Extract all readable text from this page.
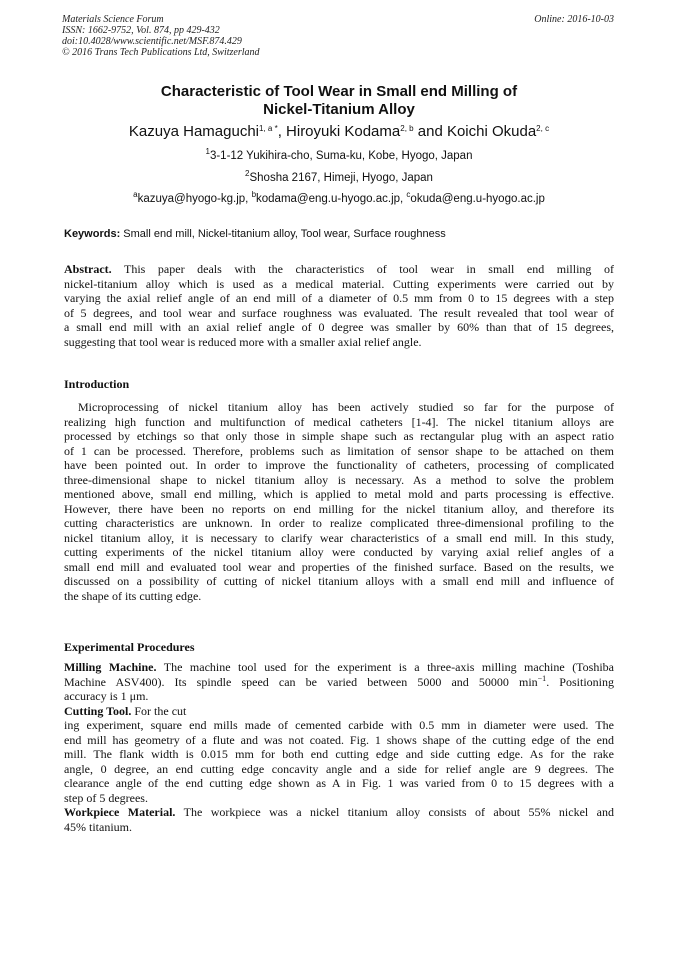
Materials Science Forum
ISSN: 1662-9752, Vol. 874, pp 429-432
doi:10.4028/www.scientific.net/MSF.874.429
© 2016 Trans Tech Publications Ltd, Switzerland
Online: 2016-10-03
Characteristic of Tool Wear in Small end Milling of
Nickel-Titanium Alloy
Kazuya Hamaguchi$^{1, a *}$, Hiroyuki Kodama$^{2, b}$ and Koichi Okuda$^{2, c}$
$^1$3-1-12 Yukihira-cho, Suma-ku, Kobe, Hyogo, Japan
$^2$Shosha 2167, Himeji, Hyogo, Japan
$^a$kazuya@hyogo-kg.jp, $^b$kodama@eng.u-hyogo.ac.jp, $^c$okuda@eng.u-hyogo.ac.jp
Keywords: Small end mill, Nickel-titanium alloy, Tool wear, Surface roughness
Abstract. This paper deals with the characteristics of tool wear in small end milling of
nickel-titanium alloy which is used as a medical material. Cutting experiments were carried out by
varying the axial relief angle of an end mill of a diameter of 0.5 mm from 0 to 15 degrees with a step
of 5 degrees, and tool wear and surface roughness was evaluated. The result revealed that tool wear of
a small end mill with an axial relief angle of 0 degree was smaller by 60% than that of 15 degrees,
suggesting that tool wear is reduced more with a smaller axial relief angle.
Introduction
Microprocessing of nickel titanium alloy has been actively studied so far for the purpose of
realizing high function and multifunction of medical catheters [1-4]. The nickel titanium alloys are
processed by etchings so that only those in simple shape such as rectangular plug with an aspect ratio
of 1 can be processed. Therefore, problems such as limitation of sensor shape to be attached on them
have been pointed out. In order to improve the functionality of catheters, processing of complicated
three-dimensional shape to nickel titanium alloy is necessary. As a method to solve the problem
mentioned above, small end milling, which is applied to metal mold and parts processing is effective.
However, there have been no reports on end milling for the nickel titanium alloy, and therefore its
cutting characteristics are unknown. In order to realize complicated three-dimensional profiling to the
nickel titanium alloy, it is necessary to clarify wear characteristics of a small end mill. In this study,
cutting experiments of the nickel titanium alloy were conducted by varying axial relief angles of a
small end mill and evaluated tool wear and properties of the finished surface. Based on the results, we
discussed on a possibility of cutting of nickel titanium alloys with a small end mill and influence of
the shape of its cutting edge.
Experimental Procedures
Milling Machine. The machine tool used for the experiment is a three-axis milling machine (Toshiba
Machine ASV400). Its spindle speed can be varied between 5000 and 50000 $\min^{-1}$. Positioning
accuracy is 1 μm.
Cutting Tool. For the cut
ing experiment, square end mills made of cemented carbide with 0.5 mm in diameter were used. The
end mill has geometry of a flute and was not coated. Fig. 1 shows shape of the cutting edge of the end
mill. The flank width is 0.015 mm for both end cutting edge and side cutting edge. As for the rake
angle, 0 degree, an end cutting edge concavity angle and a side for relief angle are 9 degrees. The
clearance angle of the end cutting edge shown as A in Fig. 1 was varied from 0 to 15 degrees with a
step of 5 degrees.
Workpiece Material. The workpiece was a nickel titanium alloy consists of about 55% nickel and
45% titanium.
